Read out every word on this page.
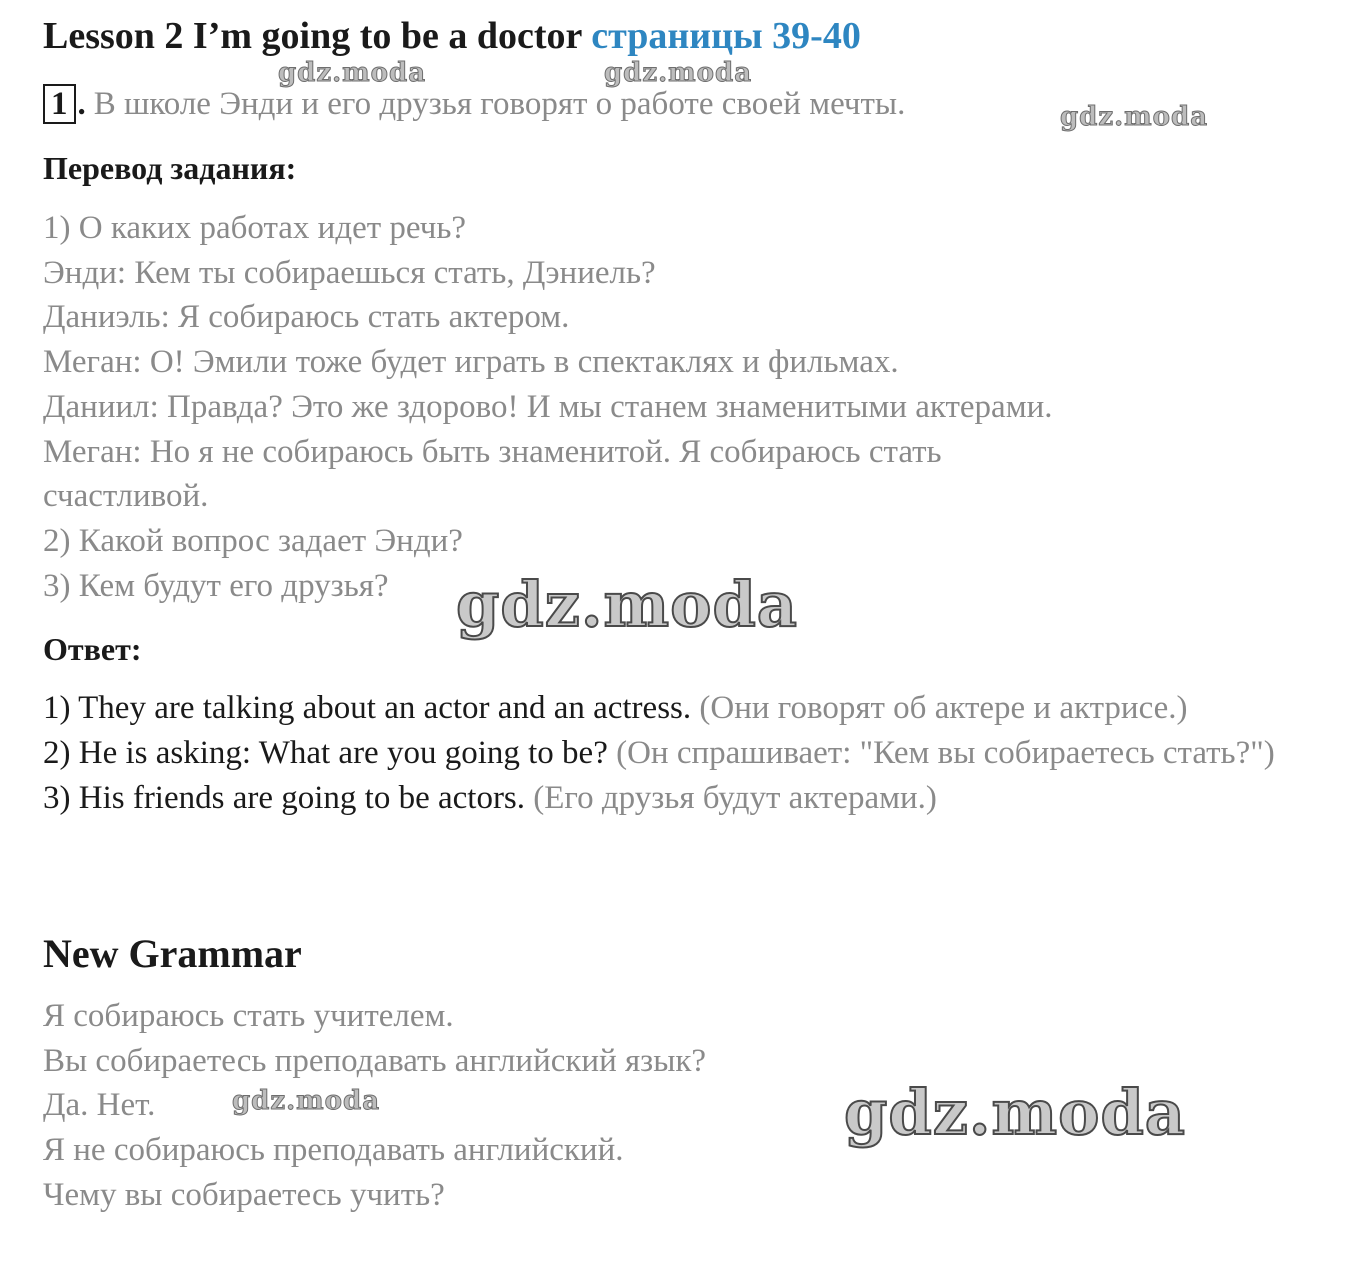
Lesson 2 I’m going to be a doctor страницы 39-40
1 . В школе Энди и его друзья говорят о работе своей мечты.
Перевод задания:
1) О каких работах идет речь?
Энди: Кем ты собираешься стать, Дэниель?
Даниэль: Я собираюсь стать актером.
Меган: О! Эмили тоже будет играть в спектаклях и фильмах.
Даниил: Правда? Это же здорово! И мы станем знаменитыми актерами.
Меган: Но я не собираюсь быть знаменитой. Я собираюсь стать
счастливой.
2) Какой вопрос задает Энди?
3) Кем будут его друзья?
Ответ:
1) They are talking about an actor and an actress. (Они говорят об актере и актрисе.)
2) He is asking: What are you going to be? (Он спрашивает: "Кем вы собираетесь стать?")
3) His friends are going to be actors. (Его друзья будут актерами.)
New Grammar
Я собираюсь стать учителем.
Вы собираетесь преподавать английский язык?
Да. Нет.
Я не собираюсь преподавать английский.
Чему вы собираетесь учить?
gdz.moda	gdz.moda
gdz.moda
gdz.moda
gdz.moda	gdz.moda
